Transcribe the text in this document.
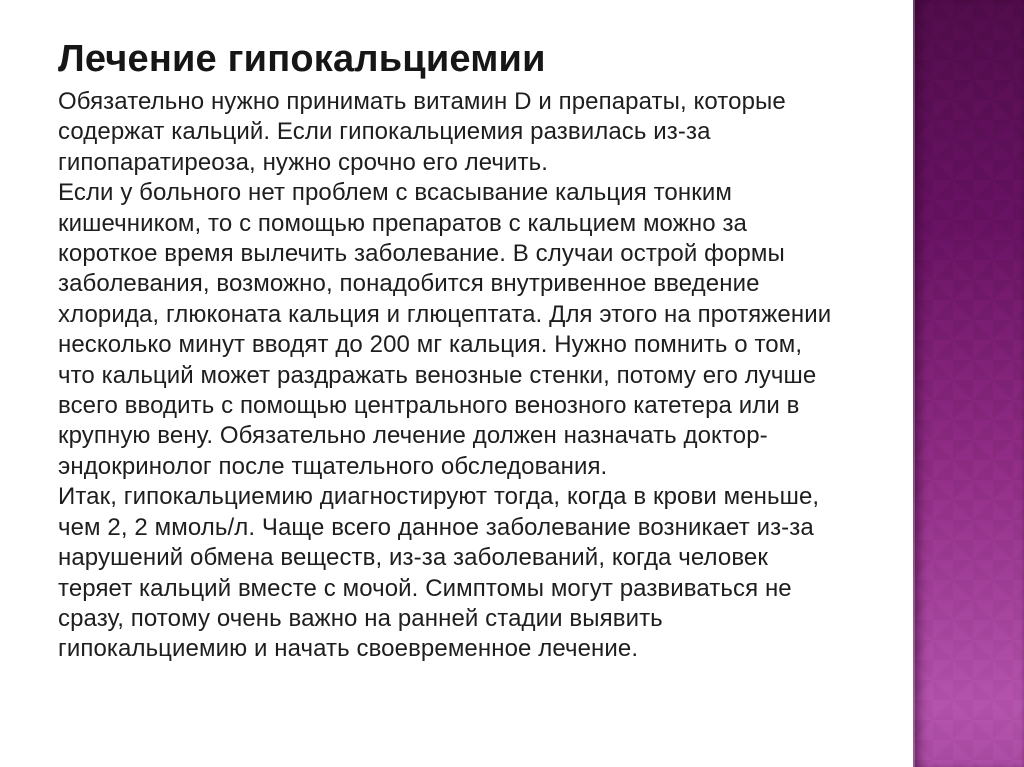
Лечение гипокальциемии
Обязательно нужно принимать витамин D и препараты, которые
содержат кальций. Если гипокальциемия развилась из-за
гипопаратиреоза, нужно срочно его лечить.
Если у больного нет проблем с всасывание кальция тонким
кишечником, то с помощью препаратов с кальцием можно за
короткое время вылечить заболевание. В случаи острой формы
заболевания, возможно, понадобится внутривенное введение
хлорида, глюконата кальция и глюцептата. Для этого на протяжении
несколько минут вводят до 200 мг кальция. Нужно помнить о том,
что кальций может раздражать венозные стенки, потому его лучше
всего вводить с помощью центрального венозного катетера или в
крупную вену. Обязательно лечение должен назначать доктор-
эндокринолог после тщательного обследования.
Итак, гипокальциемию диагностируют тогда, когда в крови меньше,
чем 2, 2 ммоль/л. Чаще всего данное заболевание возникает из-за
нарушений обмена веществ, из-за заболеваний, когда человек
теряет кальций вместе с мочой. Симптомы могут развиваться не
сразу, потому очень важно на ранней стадии выявить
гипокальциемию и начать своевременное лечение.
